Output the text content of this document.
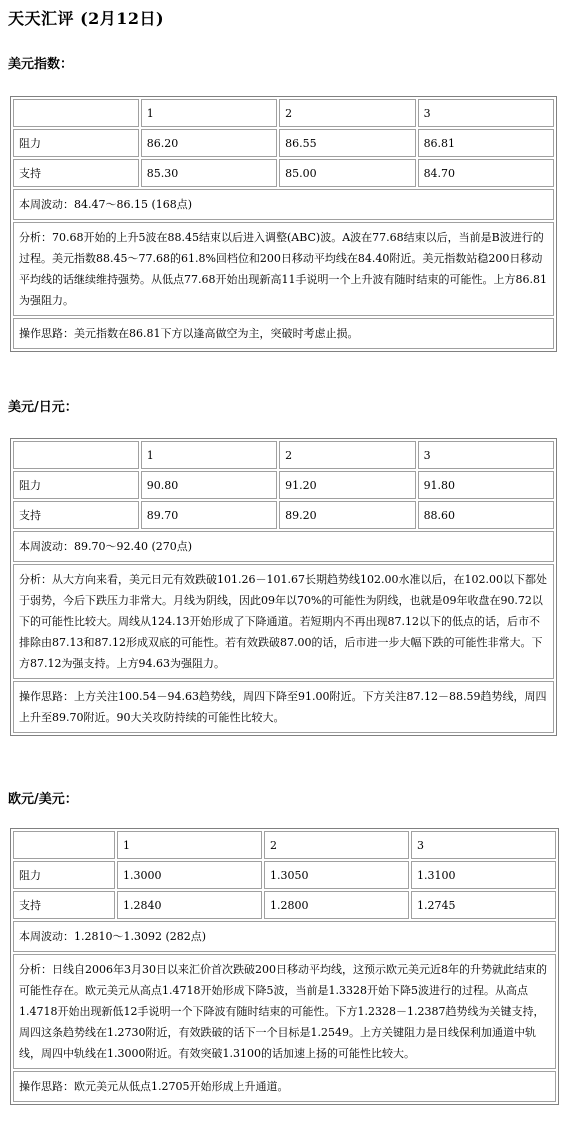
天天汇评 (2月12日)
美元指数：
	1	2	3
阻力	86.20	86.55	86.81
支持	85.30	85.00	84.70
本周波动：84.47～86.15 (168点)
分析：70.68开始的上升5波在88.45结束以后进入调整(ABC)波。A波在77.68结束以后，当前是B波进行的过程。美元指数88.45～77.68的61.8%回档位和200日移动平均线在84.40附近。美元指数站稳200日移动平均线的话继续维持强势。从低点77.68开始出现新高11手说明一个上升波有随时结束的可能性。上方86.81为强阻力。
操作思路：美元指数在86.81下方以逢高做空为主，突破时考虑止损。
美元/日元：
	1	2	3
阻力	90.80	91.20	91.80
支持	89.70	89.20	88.60
本周波动：89.70～92.40 (270点)
分析：从大方向来看，美元日元有效跌破101.26－101.67长期趋势线102.00水准以后，在102.00以下都处于弱势，今后下跌压力非常大。月线为阴线，因此09年以70%的可能性为阴线，也就是09年收盘在90.72以下的可能性比较大。周线从124.13开始形成了下降通道。若短期内不再出现87.12以下的低点的话，后市不排除由87.13和87.12形成双底的可能性。若有效跌破87.00的话，后市进一步大幅下跌的可能性非常大。下方87.12为强支持。上方94.63为强阻力。
操作思路：上方关注100.54－94.63趋势线，周四下降至91.00附近。下方关注87.12－88.59趋势线，周四上升至89.70附近。90大关攻防持续的可能性比较大。
欧元/美元：
	1	2	3
阻力	1.3000	1.3050	1.3100
支持	1.2840	1.2800	1.2745
本周波动：1.2810～1.3092 (282点)
分析：日线自2006年3月30日以来汇价首次跌破200日移动平均线，这预示欧元美元近8年的升势就此结束的可能性存在。欧元美元从高点1.4718开始形成下降5波，当前是1.3328开始下降5波进行的过程。从高点1.4718开始出现新低12手说明一个下降波有随时结束的可能性。下方1.2328－1.2387趋势线为关键支持，周四这条趋势线在1.2730附近，有效跌破的话下一个目标是1.2549。上方关键阻力是日线保利加通道中轨线，周四中轨线在1.3000附近。有效突破1.3100的话加速上扬的可能性比较大。
操作思路：欧元美元从低点1.2705开始形成上升通道。
